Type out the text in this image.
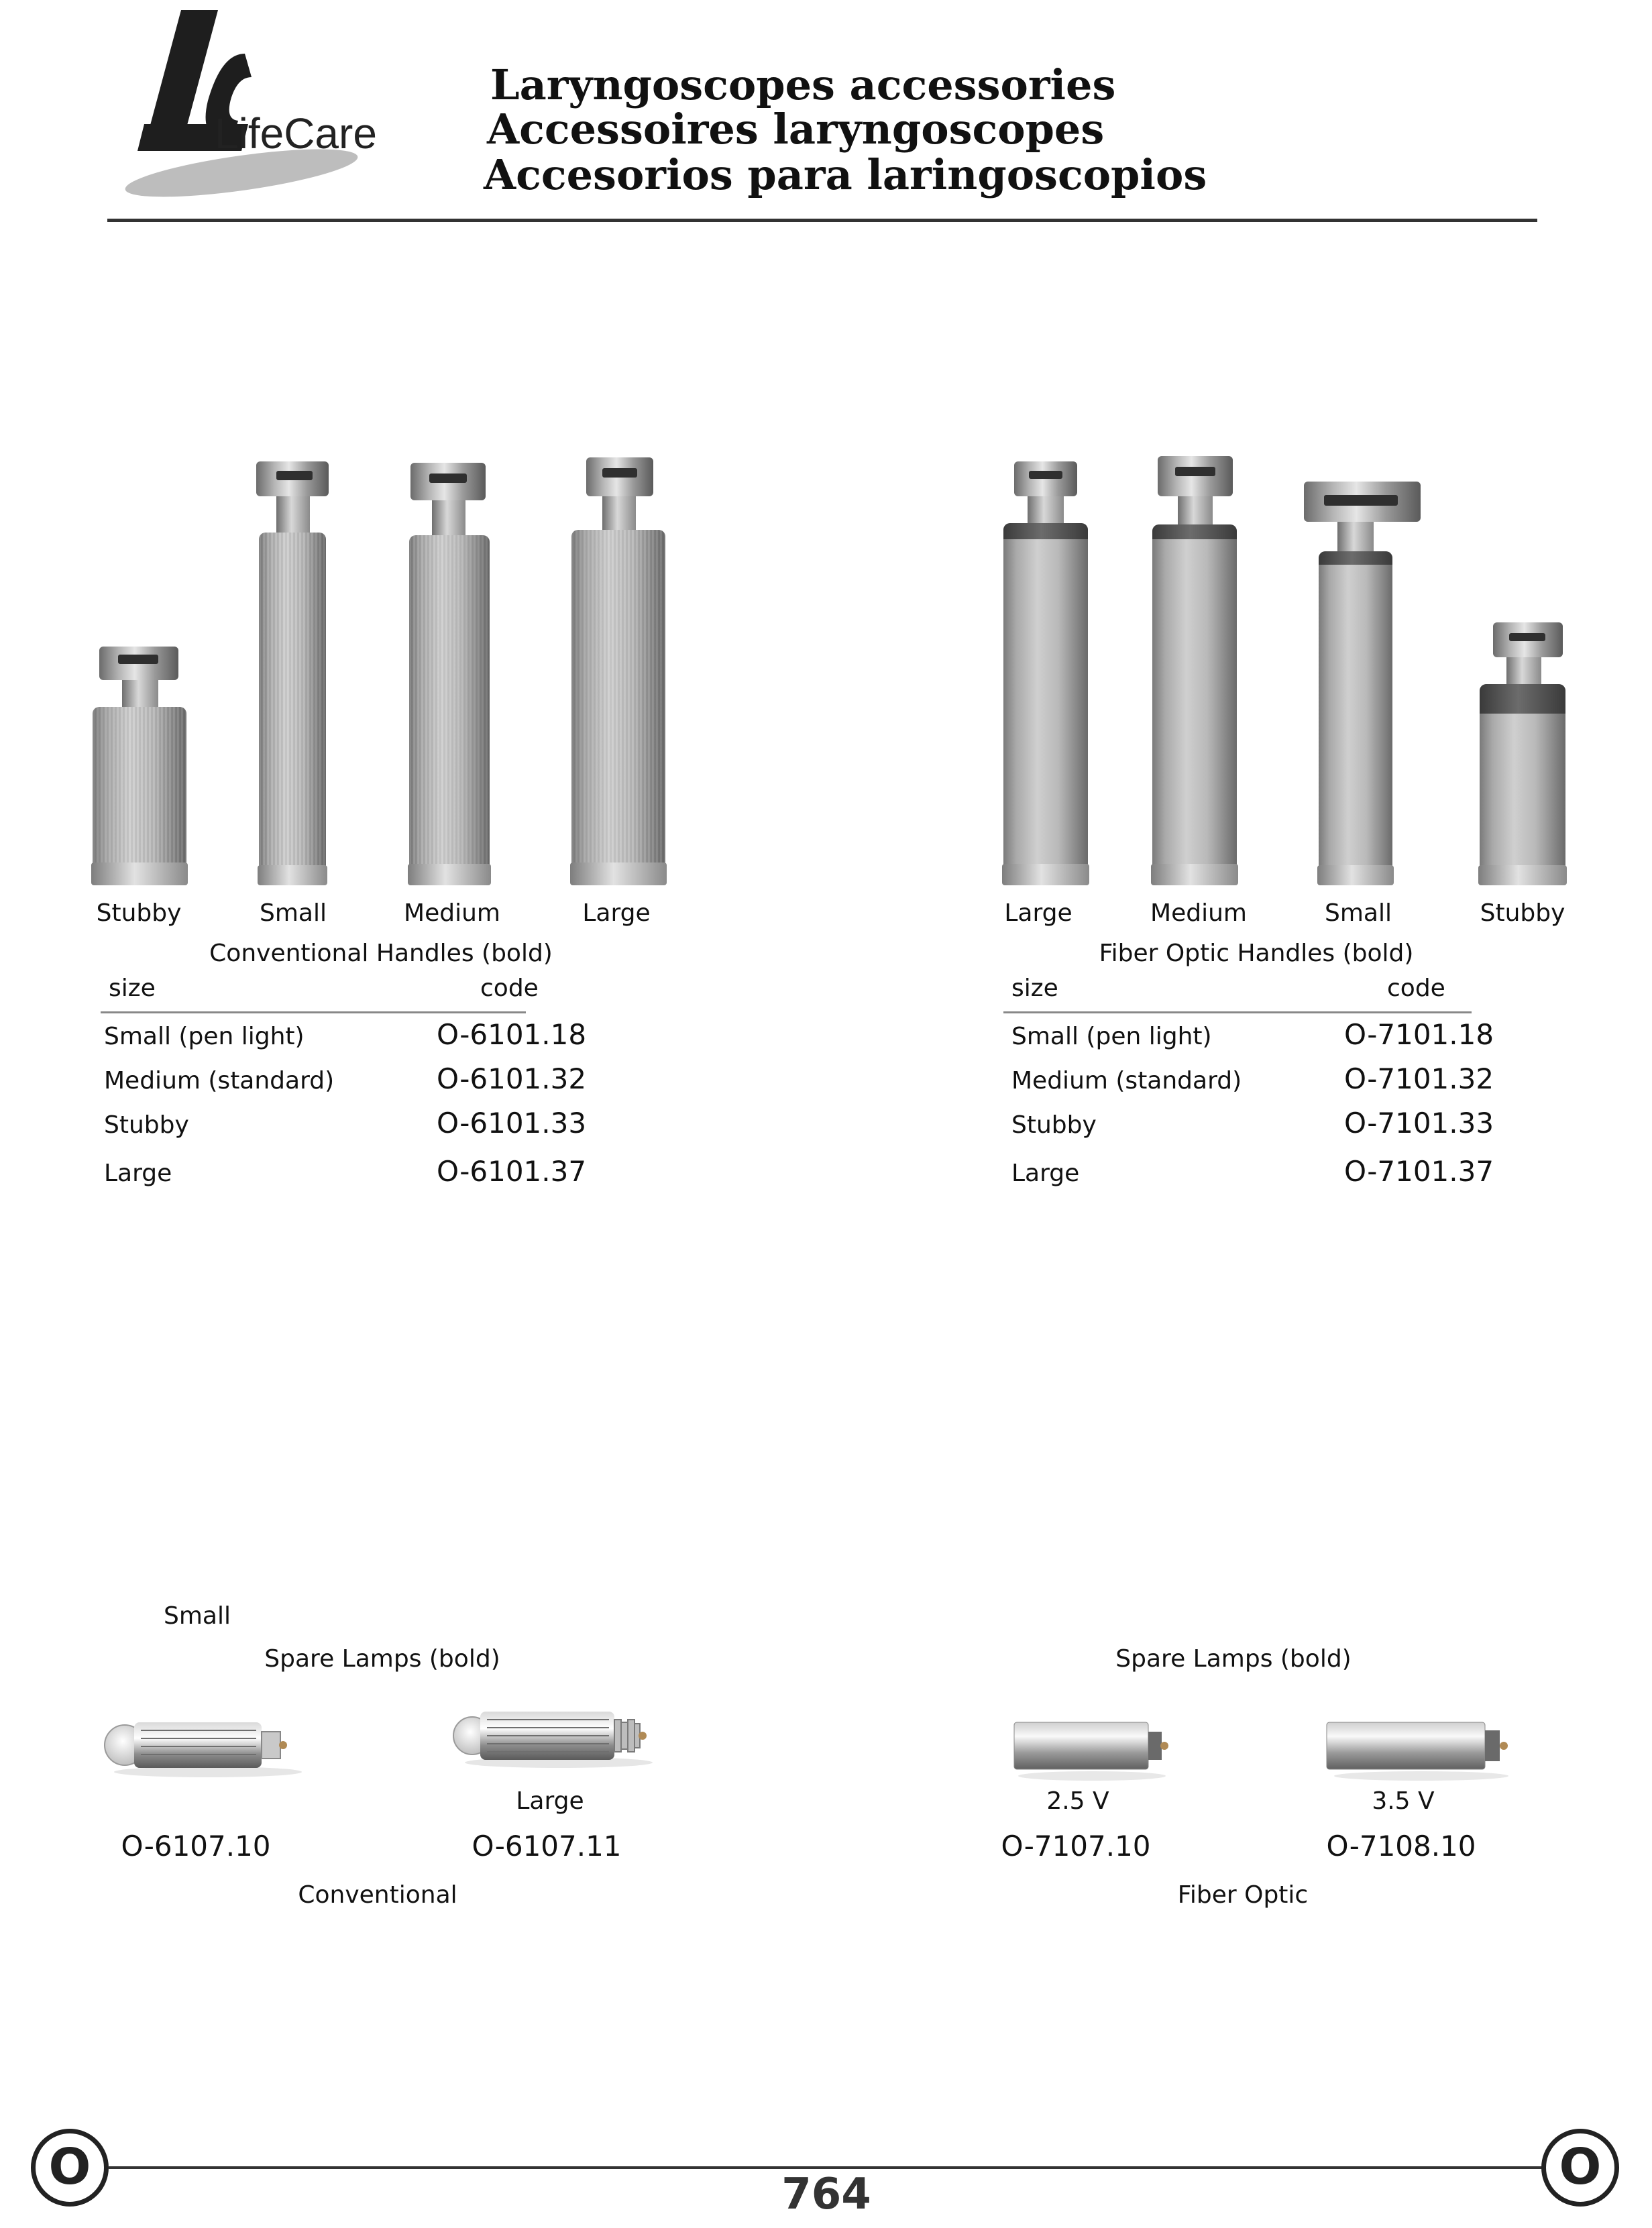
LifeCare
Laryngoscopes accessories
Accessoires laryngoscopes
Accesorios para laringoscopios
Stubby	Small	Medium	Large
Conventional Handles (bold)
size	code
Small (pen light)	O-6101.18
Medium (standard)	O-6101.32
Stubby	O-6101.33
Large	O-6101.37
Large	Medium	Small	Stubby
Fiber Optic Handles (bold)
size	code
Small (pen light)	O-7101.18
Medium (standard)	O-7101.32
Stubby	O-7101.33
Large	O-7101.37
Small
Spare Lamps (bold)
Large
O-6107.10	O-6107.11
Conventional
Spare Lamps (bold)
2.5 V	3.5 V
O-7107.10	O-7108.10
Fiber Optic
O	O
764
